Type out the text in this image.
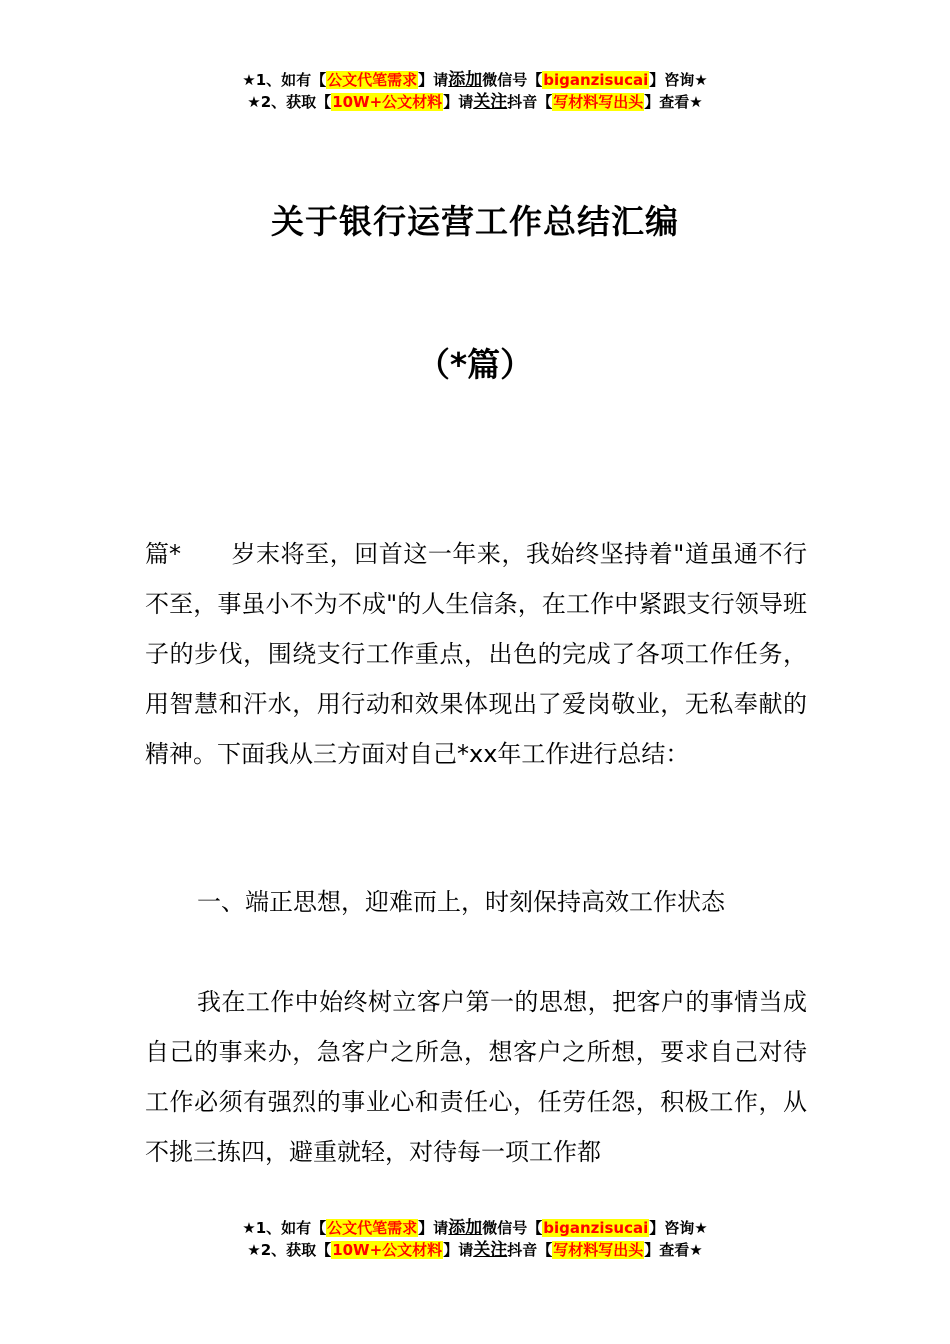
★1、如有【公文代笔需求】请添加微信号【biganzisucai】咨询★
★2、获取【10W+公文材料】请关注抖音【写材料写出头】查看★
关于银行运营工作总结汇编
（*篇）
篇* 岁末将至，回首这一年来，我始终坚持着"道虽通不行不至，事虽小不为不成"的人生信条，在工作中紧跟支行领导班子的步伐，围绕支行工作重点，出色的完成了各项工作任务，用智慧和汗水，用行动和效果体现出了爱岗敬业，无私奉献的精神。下面我从三方面对自己*xx年工作进行总结：
一、端正思想，迎难而上，时刻保持高效工作状态
我在工作中始终树立客户第一的思想，把客户的事情当成自己的事来办，急客户之所急，想客户之所想，要求自己对待工作必须有强烈的事业心和责任心，任劳任怨，积极工作，从不挑三拣四，避重就轻，对待每一项工作都
★1、如有【公文代笔需求】请添加微信号【biganzisucai】咨询★
★2、获取【10W+公文材料】请关注抖音【写材料写出头】查看★
